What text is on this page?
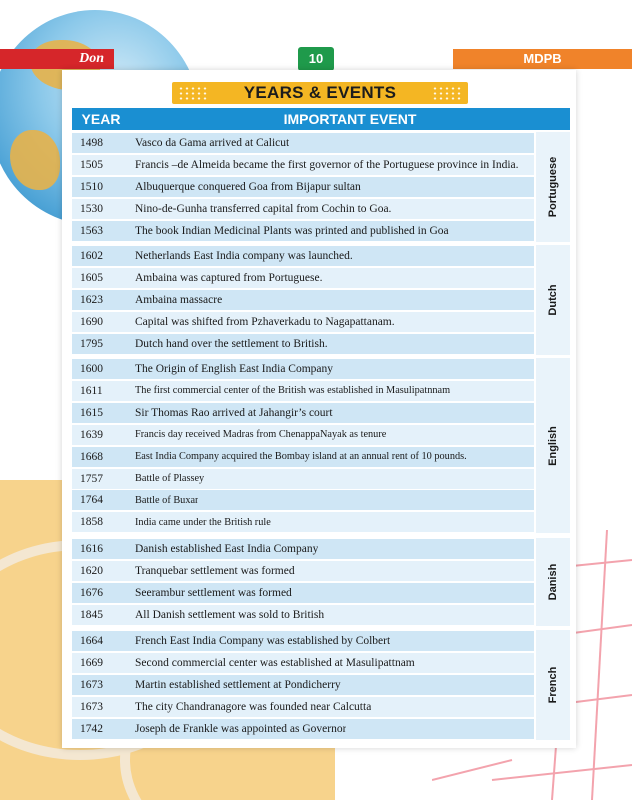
Don	10	MDPB
YEARS & EVENTS
YEAR	IMPORTANT EVENT
1498	Vasco da Gama arrived at Calicut
1505	Francis –de Almeida became the first governor of the Portuguese province in India.
1510	Albuquerque conquered Goa from Bijapur sultan
1530	Nino-de-Gunha transferred capital from Cochin to Goa.
1563	The book Indian Medicinal Plants was printed and published in Goa
Portuguese
1602	Netherlands East India company was launched.
1605	Ambaina was captured from Portuguese.
1623	Ambaina massacre
1690	Capital was shifted from Pzhaverkadu to Nagapattanam.
1795	Dutch hand over the settlement to British.
Dutch
1600	The Origin of English East India Company
1611	The first commercial center of the British was established in Masulipatnnam
1615	Sir Thomas Rao arrived at Jahangir’s court
1639	Francis day received Madras from ChenappaNayak as tenure
1668	East India Company acquired the Bombay island at an annual rent of 10 pounds.
1757	Battle of Plassey
1764	Battle of Buxar
1858	India came under the British rule
English
1616	Danish established East India Company
1620	Tranquebar settlement was formed
1676	Seerambur settlement was formed
1845	All Danish settlement was sold to British
Danish
1664	French East India Company was established by Colbert
1669	Second commercial center was established at Masulipattnam
1673	Martin established settlement at Pondicherry
1673	The city Chandranagore was founded near Calcutta
1742	Joseph de Frankle was appointed as Governor
French
